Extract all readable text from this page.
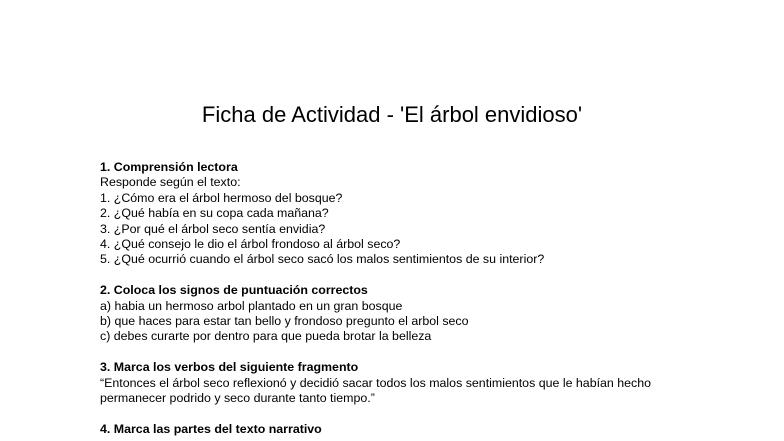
Ficha de Actividad - 'El árbol envidioso'

1. Comprensión lectora

Responde según el texto:

1. ¿Cómo era el árbol hermoso del bosque?

2. ¿Qué había en su copa cada mañana?

3. ¿Por qué el árbol seco sentía envidia?

4. ¿Qué consejo le dio el árbol frondoso al árbol seco?

5. ¿Qué ocurrió cuando el árbol seco sacó los malos sentimientos de su interior?

2. Coloca los signos de puntuación correctos

a) habia un hermoso arbol plantado en un gran bosque

b) que haces para estar tan bello y frondoso pregunto el arbol seco

c) debes curarte por dentro para que pueda brotar la belleza

3. Marca los verbos del siguiente fragmento

“Entonces el árbol seco reflexionó y decidió sacar todos los malos sentimientos que le habían hecho

permanecer podrido y seco durante tanto tiempo.”

4. Marca las partes del texto narrativo
